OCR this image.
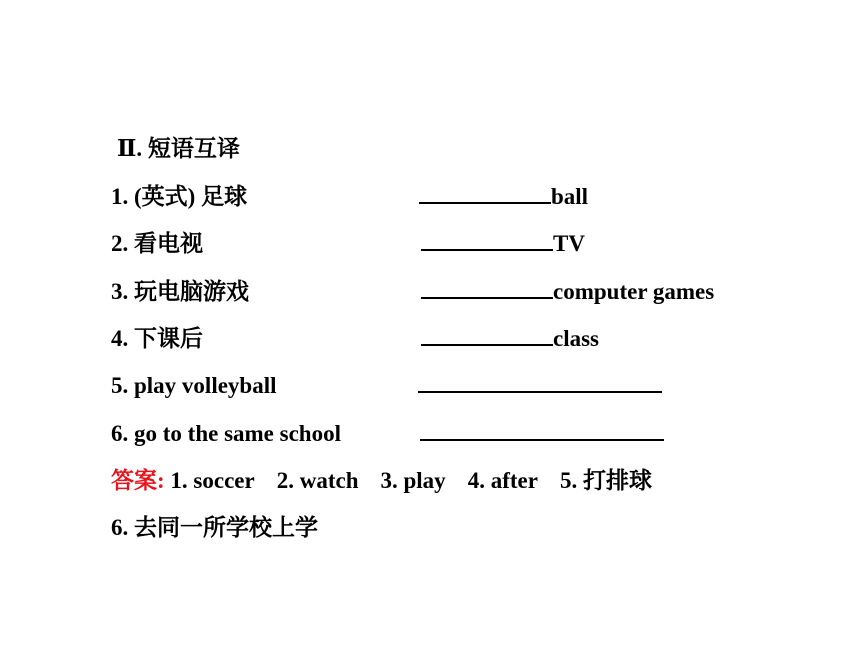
Ⅱ. 短语互译
1. (英式) 足球	ball
2. 看电视	TV
3. 玩电脑游戏	computer games
4. 下课后	class
5. play volleyball
6. go to the same school
答案: 1. soccer 2. watch 3. play 4. after 5. 打排球
6. 去同一所学校上学
